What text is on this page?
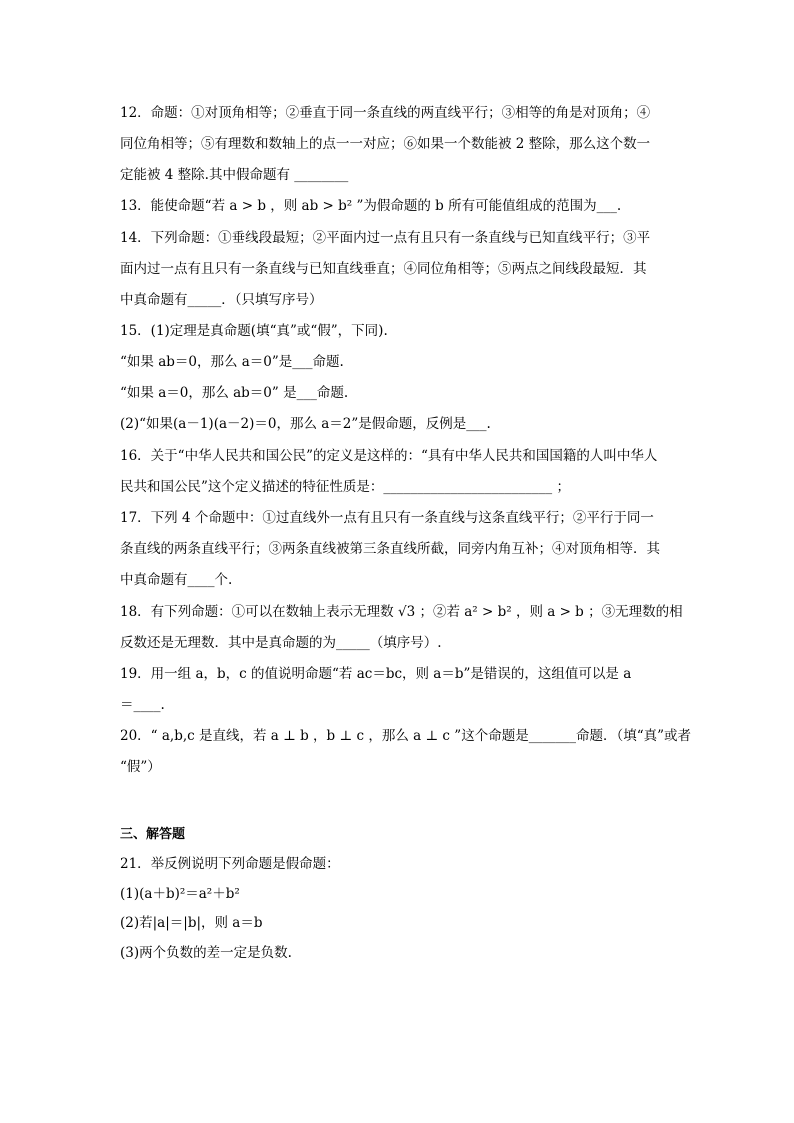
12．命题：①对顶角相等；②垂直于同一条直线的两直线平行；③相等的角是对顶角；④
同位角相等；⑤有理数和数轴上的点一一对应；⑥如果一个数能被 2 整除，那么这个数一
定能被 4 整除.其中假命题有 ________
13．能使命题“若 a > b ，则 ab > b² ”为假命题的 b 所有可能值组成的范围为___.
14．下列命题：①垂线段最短；②平面内过一点有且只有一条直线与已知直线平行；③平
面内过一点有且只有一条直线与已知直线垂直；④同位角相等；⑤两点之间线段最短．其
中真命题有_____．（只填写序号）
15．(1)定理是真命题(填“真”或“假”，下同).
“如果 ab＝0，那么 a＝0”是___命题.
“如果 a＝0，那么 ab＝0” 是___命题.
(2)“如果(a－1)(a－2)＝0，那么 a＝2”是假命题，反例是___.
16．关于“中华人民共和国公民”的定义是这样的：“具有中华人民共和国国籍的人叫中华人
民共和国公民”这个定义描述的特征性质是：_________________________ ；
17．下列 4 个命题中：①过直线外一点有且只有一条直线与这条直线平行；②平行于同一
条直线的两条直线平行；③两条直线被第三条直线所截，同旁内角互补；④对顶角相等．其
中真命题有____个.
18．有下列命题：①可以在数轴上表示无理数 √3 ；②若 a² > b² ，则 a > b ；③无理数的相
反数还是无理数．其中是真命题的为_____（填序号）.
19．用一组 a，b，c 的值说明命题“若 ac＝bc，则 a＝b”是错误的，这组值可以是 a
＝____.
20．“ a,b,c 是直线，若 a ⊥ b ，b ⊥ c ，那么 a ⊥ c ”这个命题是_______命题．（填“真”或者
“假”）
三、解答题
21．举反例说明下列命题是假命题：
(1)(a＋b)²＝a²＋b²
(2)若|a|＝|b|，则 a＝b
(3)两个负数的差一定是负数.
